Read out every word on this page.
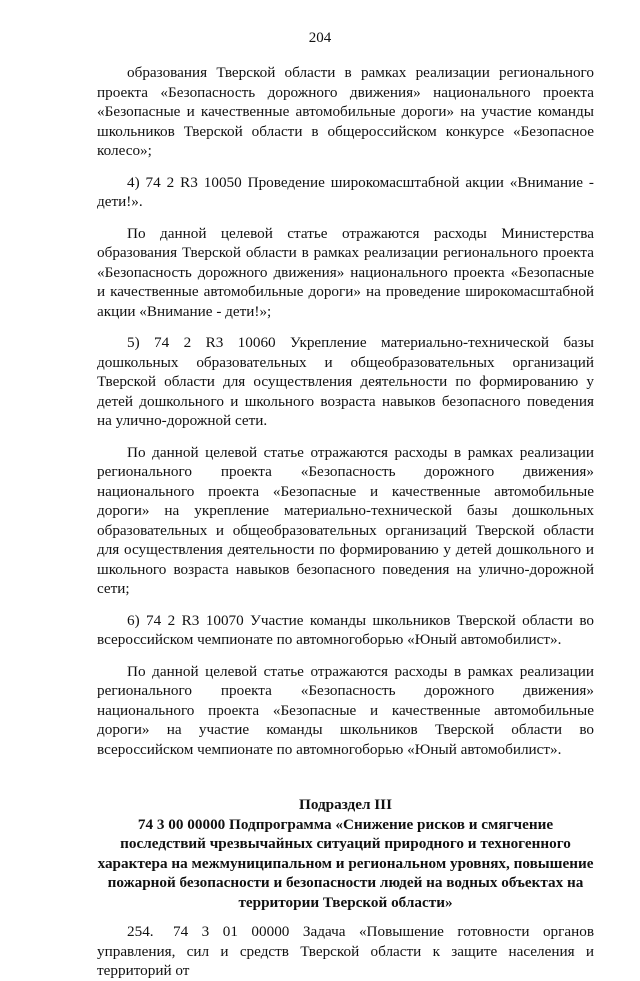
204

образования Тверской области в рамках реализации регионального проекта «Безопасность дорожного движения» национального проекта «Безопасные и качественные автомобильные дороги» на участие команды школьников Тверской области в общероссийском конкурсе «Безопасное колесо»;

4) 74 2 R3 10050 Проведение широкомасштабной акции «Внимание - дети!».

По данной целевой статье отражаются расходы Министерства образования Тверской области в рамках реализации регионального проекта «Безопасность дорожного движения» национального проекта «Безопасные и качественные автомобильные дороги» на проведение широкомасштабной акции «Внимание - дети!»;

5) 74 2 R3 10060 Укрепление материально-технической базы дошкольных образовательных и общеобразовательных организаций Тверской области для осуществления деятельности по формированию у детей дошкольного и школьного возраста навыков безопасного поведения на улично-дорожной сети.

По данной целевой статье отражаются расходы в рамках реализации регионального проекта «Безопасность дорожного движения» национального проекта «Безопасные и качественные автомобильные дороги» на укрепление материально-технической базы дошкольных образовательных и общеобразовательных организаций Тверской области для осуществления деятельности по формированию у детей дошкольного и школьного возраста навыков безопасного поведения на улично-дорожной сети;

6) 74 2 R3 10070 Участие команды школьников Тверской области во всероссийском чемпионате по автомногоборью «Юный автомобилист».

По данной целевой статье отражаются расходы в рамках реализации регионального проекта «Безопасность дорожного движения» национального проекта «Безопасные и качественные автомобильные дороги» на участие команды школьников Тверской области во всероссийском чемпионате по автомногоборью «Юный автомобилист».

Подраздел III
74 3 00 00000 Подпрограмма «Снижение рисков и смягчение последствий чрезвычайных ситуаций природного и техногенного характера на межмуниципальном и региональном уровнях, повышение пожарной безопасности и безопасности людей на водных объектах на территории Тверской области»

254. 74 3 01 00000 Задача «Повышение готовности органов управления, сил и средств Тверской области к защите населения и территорий от
